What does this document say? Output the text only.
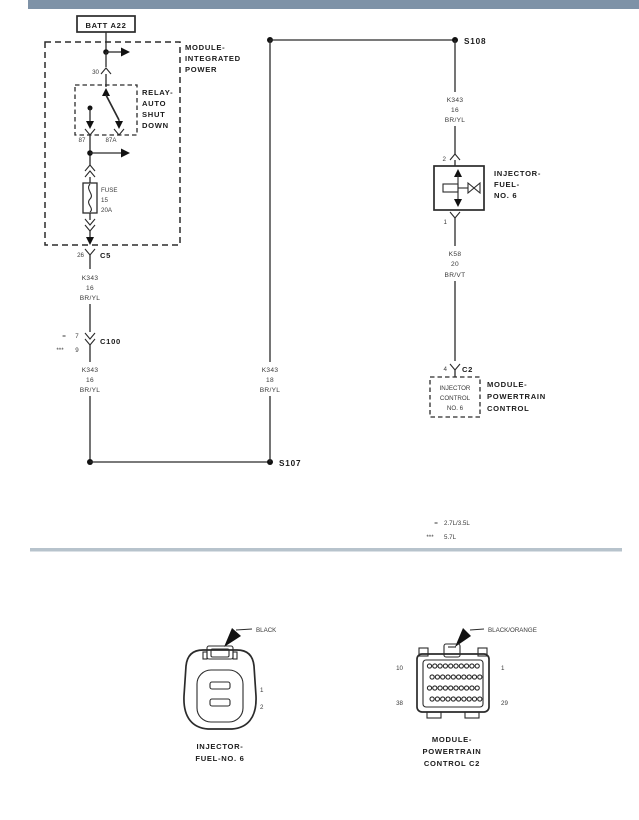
BATT A22
MODULE-
INTEGRATED
POWER
30
87	87A
RELAY-
AUTO
SHUT
DOWN
FUSE
15
20A
26 C5
K343
16
BR/YL
= 7
*** 9
C100
K343
16
BR/YL
S107
K343
18
BR/YL
S108
K343
16
BR/YL
2
INJECTOR-
FUEL-
NO. 6
1
K58
20
BR/VT
4 C2
INJECTOR
CONTROL
NO. 6
MODULE-
POWERTRAIN
CONTROL
= 2.7L/3.5L
*** 5.7L
BLACK
1
2
INJECTOR-
FUEL-NO. 6
BLACK/ORANGE
10
38
1
29
MODULE-
POWERTRAIN
CONTROL C2
